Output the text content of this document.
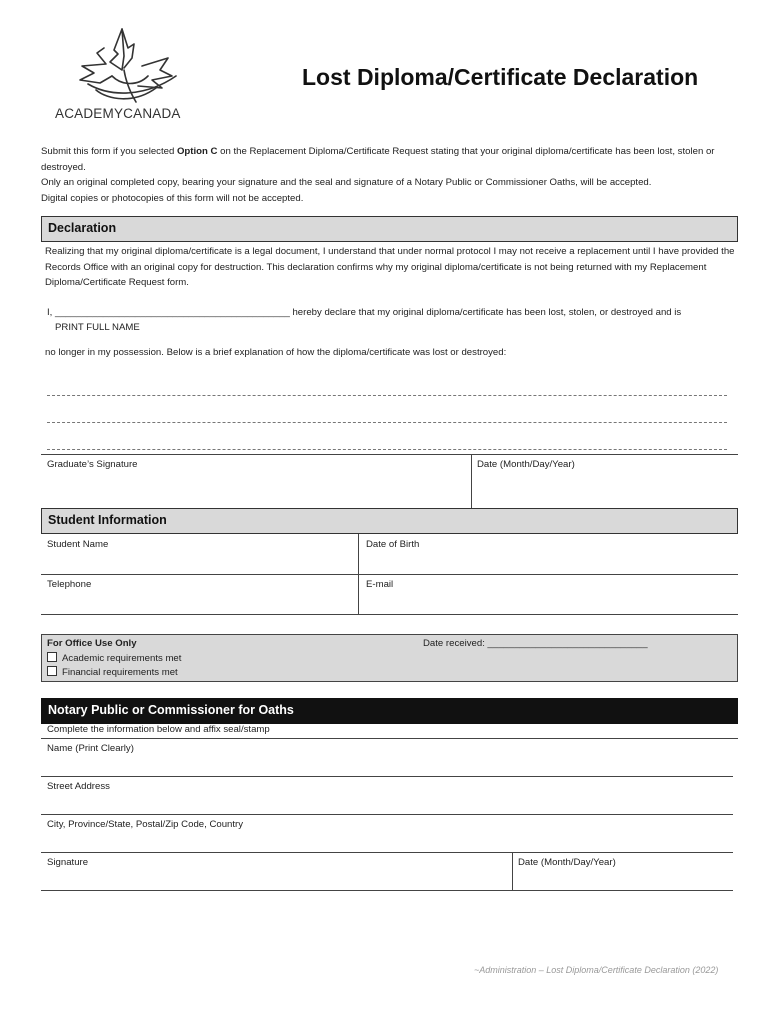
ACADEMYCANADA
Lost Diploma/Certificate Declaration
Submit this form if you selected Option C on the Replacement Diploma/Certificate Request stating that your original diploma/certificate has been lost, stolen or destroyed.
Only an original completed copy, bearing your signature and the seal and signature of a Notary Public or Commissioner Oaths, will be accepted.
Digital copies or photocopies of this form will not be accepted.
Declaration
Realizing that my original diploma/certificate is a legal document, I understand that under normal protocol I may not receive a replacement until I have provided the Records Office with an original copy for destruction. This declaration confirms why my original diploma/certificate is not being returned with my Replacement Diploma/Certificate Request form.
I, ____________________________________________ hereby declare that my original diploma/certificate has been lost, stolen, or destroyed and is
PRINT FULL NAME
no longer in my possession. Below is a brief explanation of how the diploma/certificate was lost or destroyed:
Graduate’s Signature	Date (Month/Day/Year)
Student Information
Student Name	Date of Birth
Telephone	E-mail
For Office Use Only	Date received: ______________________________
Academic requirements met
Financial requirements met
Notary Public or Commissioner for Oaths
Complete the information below and affix seal/stamp
Name (Print Clearly)
Street Address
City, Province/State, Postal/Zip Code, Country
Signature	Date (Month/Day/Year)
~Administration – Lost Diploma/Certificate Declaration (2022)
